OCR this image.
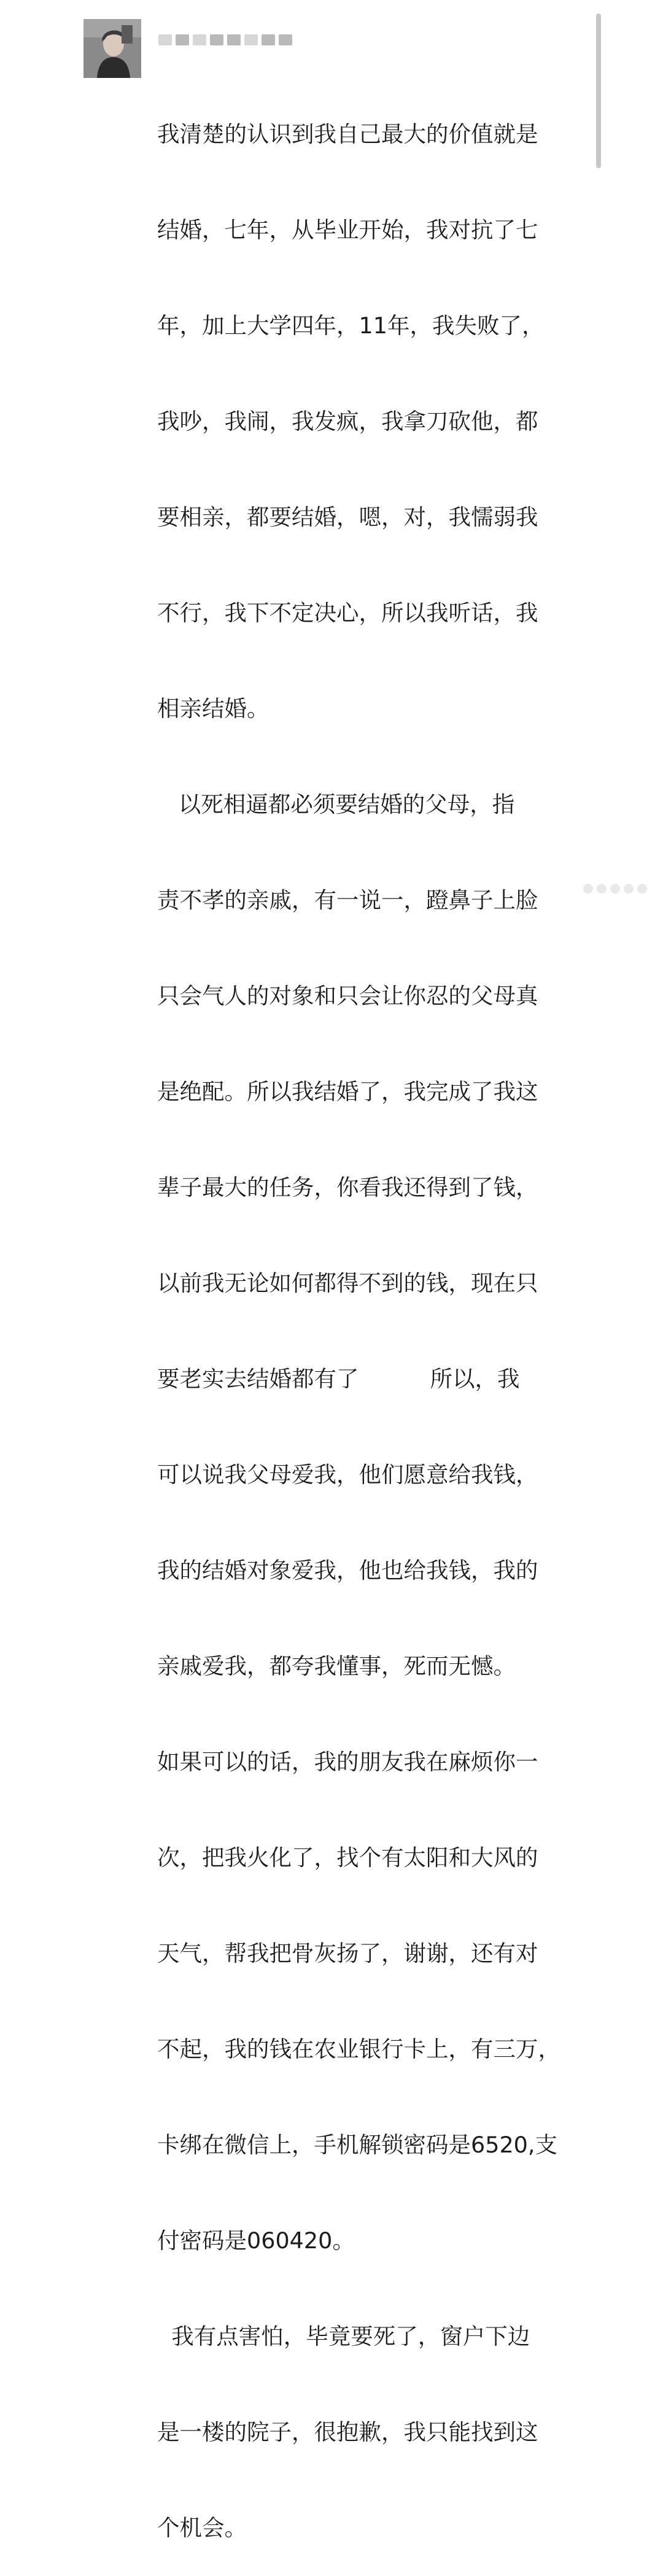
我清楚的认识到我自己最大的价值就是

结婚，七年，从毕业开始，我对抗了七

年，加上大学四年，11年，我失败了，

我吵，我闹，我发疯，我拿刀砍他，都

要相亲，都要结婚，嗯，对，我懦弱我

不行，我下不定决心，所以我听话，我

相亲结婚。

以死相逼都必须要结婚的父母，指

责不孝的亲戚，有一说一，蹬鼻子上脸

只会气人的对象和只会让你忍的父母真

是绝配。所以我结婚了，我完成了我这

辈子最大的任务，你看我还得到了钱，

以前我无论如何都得不到的钱，现在只

要老实去结婚都有了          所以，我

可以说我父母爱我，他们愿意给我钱，

我的结婚对象爱我，他也给我钱，我的

亲戚爱我，都夸我懂事，死而无憾。

如果可以的话，我的朋友我在麻烦你一

次，把我火化了，找个有太阳和大风的

天气，帮我把骨灰扬了，谢谢，还有对

不起，我的钱在农业银行卡上，有三万，

卡绑在微信上，手机解锁密码是6520,支

付密码是060420。

我有点害怕，毕竟要死了，窗户下边

是一楼的院子，很抱歉，我只能找到这

个机会。
